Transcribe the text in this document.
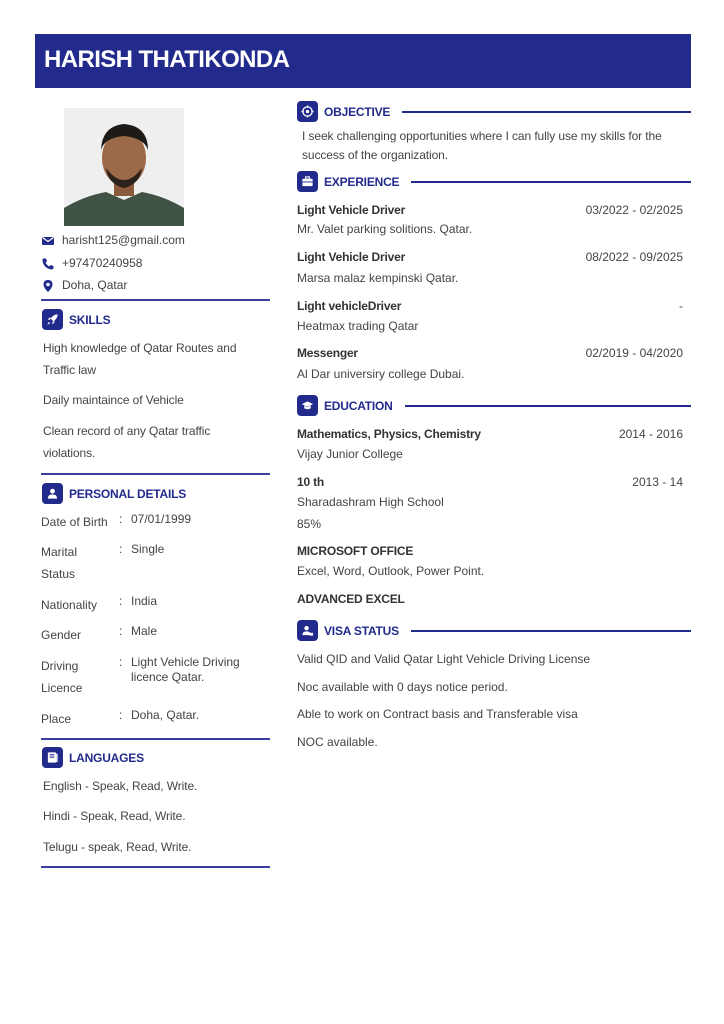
HARISH THATIKONDA
harisht125@gmail.com
+97470240958
Doha, Qatar
SKILLS
High knowledge of Qatar Routes and Traffic law
Daily maintaince of Vehicle
Clean record of any Qatar traffic violations.
PERSONAL DETAILS
Date of Birth : 07/01/1999
Marital Status
: Single
Nationality	: India
Gender	: Male
Driving Licence
: Light Vehicle Driving licence Qatar.
Place	: Doha, Qatar.
LANGUAGES
English - Speak, Read, Write.
Hindi - Speak, Read, Write.
Telugu - speak, Read, Write.
OBJECTIVE
I seek challenging opportunities where I can fully use my skills for the success of the organization.
EXPERIENCE
Light Vehicle Driver	03/2022 - 02/2025
Mr. Valet parking solitions. Qatar.
Light Vehicle Driver	08/2022 - 09/2025
Marsa malaz kempinski Qatar.
Light vehicleDriver	-
Heatmax trading Qatar
Messenger	02/2019 - 04/2020
Al Dar universiry college Dubai.
EDUCATION
Mathematics, Physics, Chemistry	2014 - 2016
Vijay Junior College
10 th	2013 - 14
Sharadashram High School
85%
MICROSOFT OFFICE
Excel, Word, Outlook, Power Point.
ADVANCED EXCEL
VISA STATUS
Valid QID and Valid Qatar Light Vehicle Driving License
Noc available with 0 days notice period.
Able to work on Contract basis and Transferable visa
NOC available.
